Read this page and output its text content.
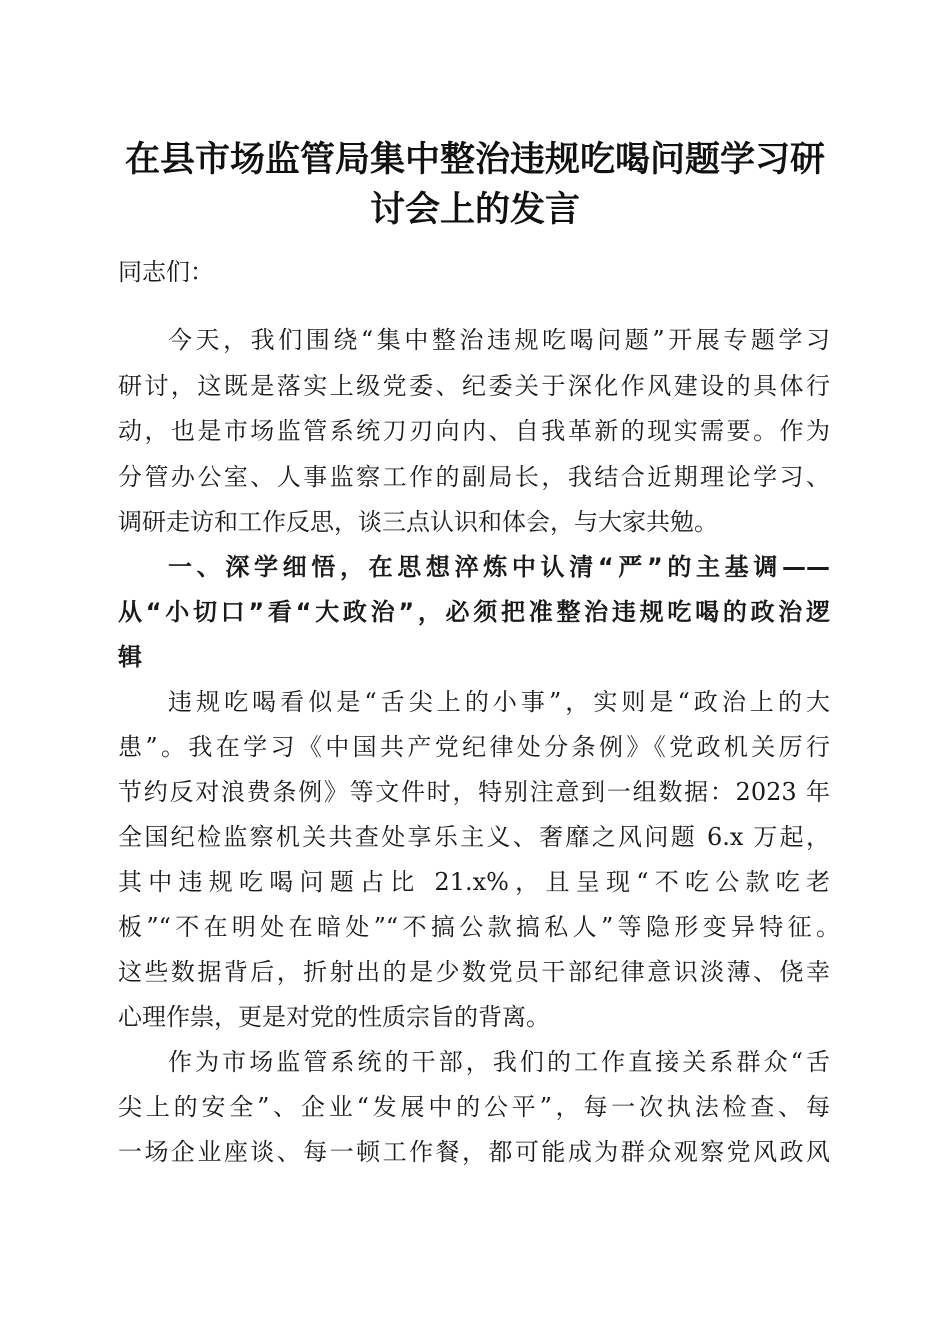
在县市场监管局集中整治违规吃喝问题学习研
讨会上的发言
同志们：
今天，我们围绕“集中整治违规吃喝问题”开展专题学习
研讨，这既是落实上级党委、纪委关于深化作风建设的具体行
动，也是市场监管系统刀刃向内、自我革新的现实需要。作为
分管办公室、人事监察工作的副局长，我结合近期理论学习、
调研走访和工作反思，谈三点认识和体会，与大家共勉。
一、深学细悟，在思想淬炼中认清“严”的主基调——
从“小切口”看“大政治”，必须把准整治违规吃喝的政治逻
辑
违规吃喝看似是“舌尖上的小事”，实则是“政治上的大
患”。我在学习《中国共产党纪律处分条例》《党政机关厉行
节约反对浪费条例》等文件时，特别注意到一组数据：2023 年
全国纪检监察机关共查处享乐主义、奢靡之风问题 6.x 万起，
其中违规吃喝问题占比 21.x%，且呈现“不吃公款吃老
板”“不在明处在暗处”“不搞公款搞私人”等隐形变异特征。
这些数据背后，折射出的是少数党员干部纪律意识淡薄、侥幸
心理作祟，更是对党的性质宗旨的背离。
作为市场监管系统的干部，我们的工作直接关系群众“舌
尖上的安全”、企业“发展中的公平”，每一次执法检查、每
一场企业座谈、每一顿工作餐，都可能成为群众观察党风政风
